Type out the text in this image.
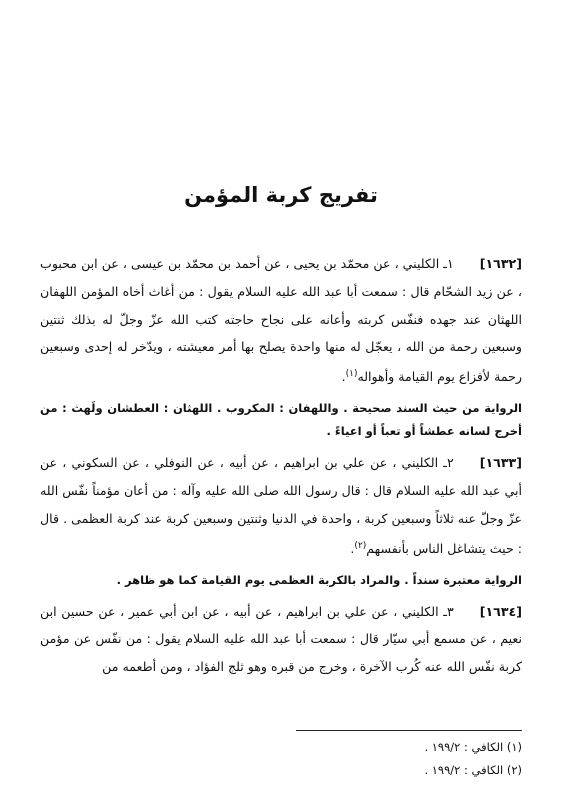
تفريج كربة المؤمن

[١٦٣٢]١ـ الكليني ، عن محمّد بن يحيى ، عن أحمد بن محمّد بن عيسى ، عن ابن محبوب ، عن زيد الشحّام قال : سمعت أبا عبد الله عليه السلام يقول : من أغاث أخاه المؤمن اللهفان اللهثان عند جهده فنفّس كربته وأعانه على نجاح حاجته كتب الله عزّ وجلّ له بذلك ثنتين وسبعين رحمة من الله ، يعجّل له منها واحدة يصلح بها أمر معيشته ، ويدّخر له إحدى وسبعين رحمة لأفزاع يوم القيامة وأهواله$^{(١)}$.

الرواية من حيث السند صحيحة . واللهفان : المكروب . اللهثان : العطشان ولَهث : من أخرج لسانه عطشاً أو تعباً أو اعياءً .

[١٦٣٣]٢ـ الكليني ، عن علي بن ابراهيم ، عن أبيه ، عن النوفلي ، عن السكوني ، عن أبي عبد الله عليه السلام قال : قال رسول الله صلى الله عليه وآله : من أعان مؤمناً نفّس الله عزّ وجلّ عنه ثلاثاً وسبعين كربة ، واحدة في الدنيا وثنتين وسبعين كربة عند كربة العظمى . قال : حيث يتشاغل الناس بأنفسهم$^{(٢)}$.

الرواية معتبرة سنداً . والمراد بالكربة العظمى يوم القيامة كما هو ظاهر .

[١٦٣٤]٣ـ الكليني ، عن علي بن ابراهيم ، عن أبيه ، عن ابن أبي عمير ، عن حسين ابن نعيم ، عن مسمع أبي سيّار قال : سمعت أبا عبد الله عليه السلام يقول : من نفّس عن مؤمن كربة نفّس الله عنه كُرب الآخرة ، وخرج من قبره وهو ثلج الفؤاد ، ومن أطعمه من

(١) الكافي : ١٩٩/٢ .
(٢) الكافي : ١٩٩/٢ .
